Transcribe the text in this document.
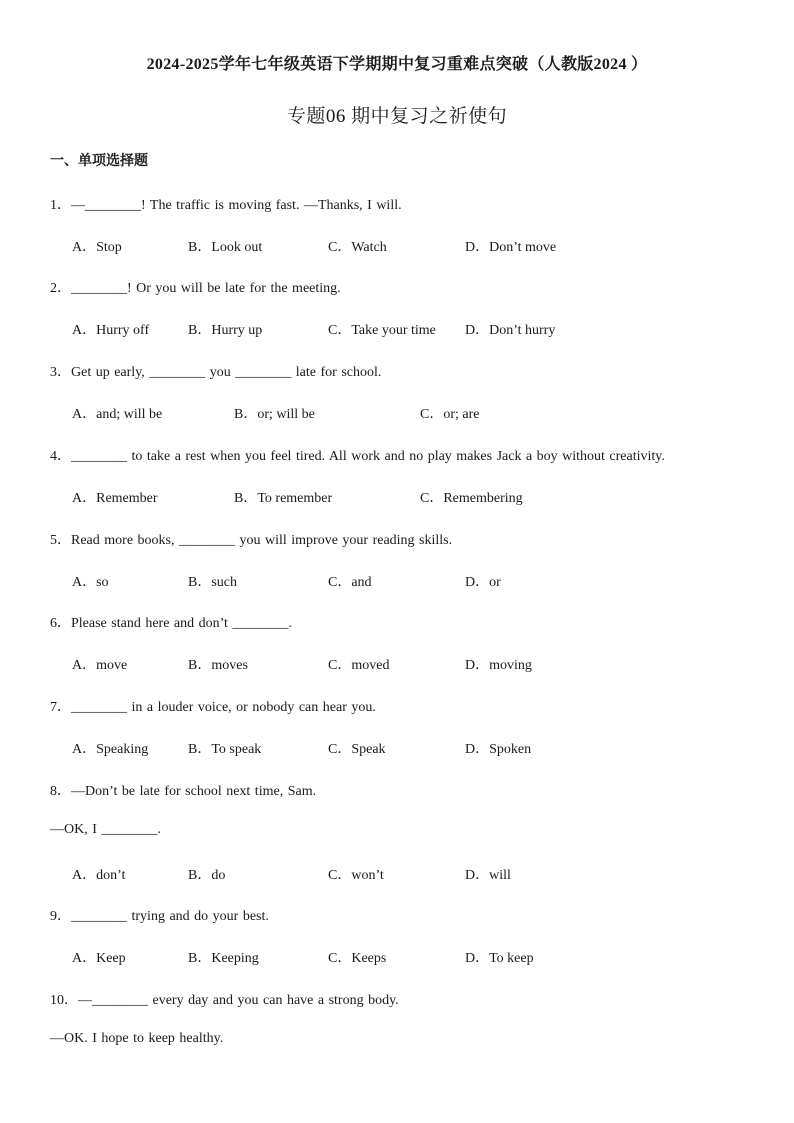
2024-2025学年七年级英语下学期期中复习重难点突破（人教版2024 ）
专题06 期中复习之祈使句
一、单项选择题
1．—________! The traffic is moving fast. —Thanks, I will.
A．Stop	B．Look out	C．Watch	D．Don’t move
2．________! Or you will be late for the meeting.
A．Hurry off	B．Hurry up	C．Take your time D．Don’t hurry
3．Get up early, ________ you ________ late for school.
A．and; will be	B．or; will be	C．or; are
4．________ to take a rest when you feel tired. All work and no play makes Jack a boy without creativity.
A．Remember	B．To remember	C．Remembering
5．Read more books, ________ you will improve your reading skills.
A．so	B．such	C．and	D．or
6．Please stand here and don’t ________.
A．move	B．moves	C．moved	D．moving
7．________ in a louder voice, or nobody can hear you.
A．Speaking	B．To speak	C．Speak	D．Spoken
8．—Don’t be late for school next time, Sam.
—OK, I ________.
A．don’t	B．do	C．won’t	D．will
9．________ trying and do your best.
A．Keep	B．Keeping	C．Keeps	D．To keep
10．—________ every day and you can have a strong body.
—OK. I hope to keep healthy.
